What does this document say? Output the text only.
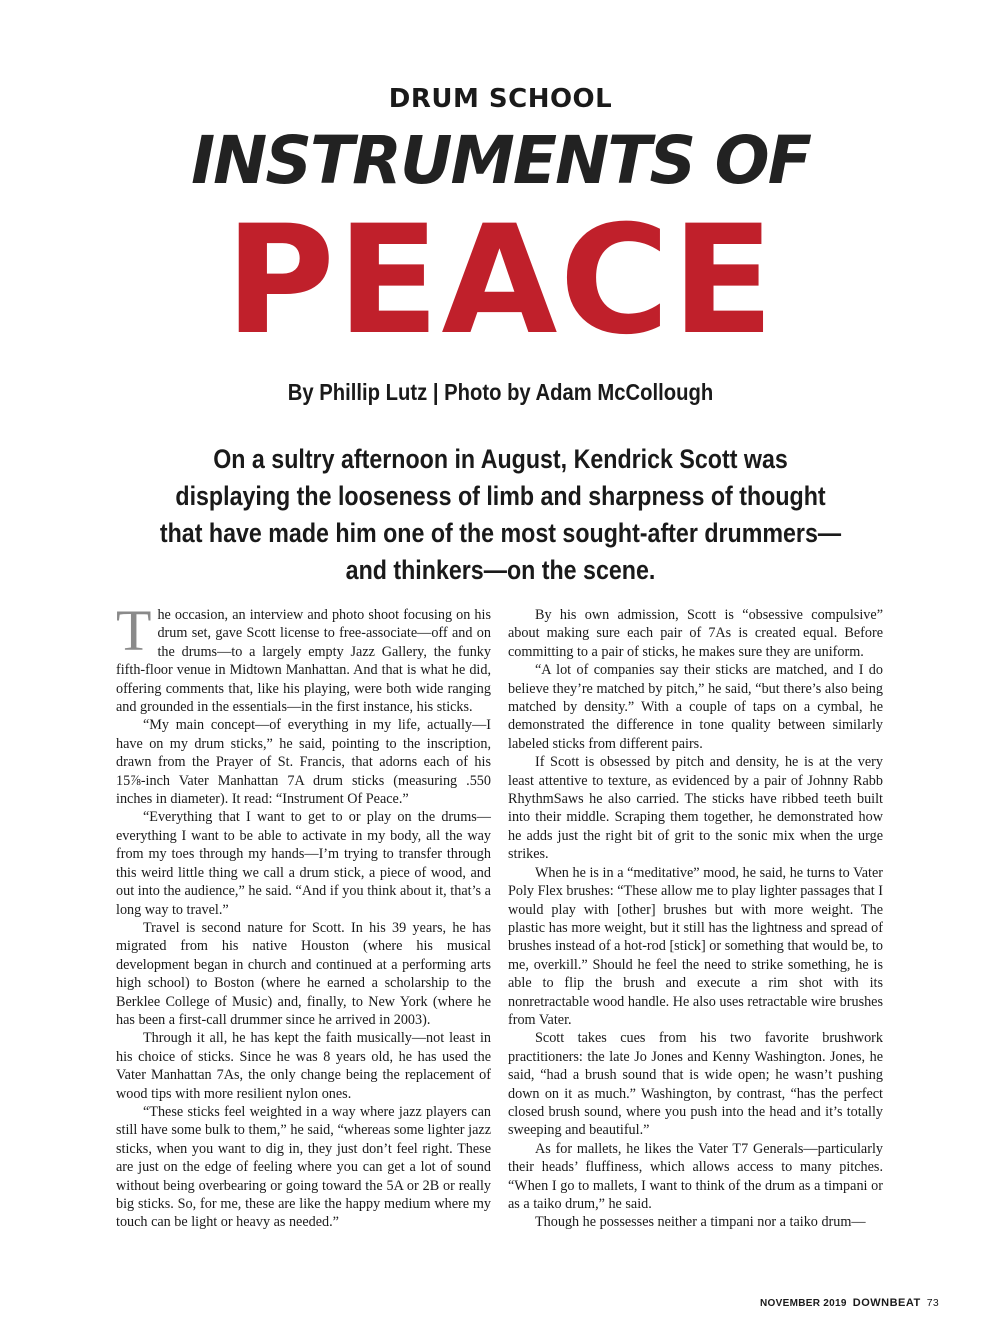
DRUM SCHOOL
INSTRUMENTS OF
PEACE
By Phillip Lutz | Photo by Adam McCollough
On a sultry afternoon in August, Kendrick Scott was displaying the looseness of limb and sharpness of thought that have made him one of the most sought-after drummers—and thinkers—on the scene.

The occasion, an interview and photo shoot focusing on his drum set, gave Scott license to free-associate—off and on the drums—to a largely empty Jazz Gallery, the funky fifth-floor venue in Midtown Manhattan. And that is what he did, offering comments that, like his playing, were both wide ranging and grounded in the essentials—in the first instance, his sticks.

“My main concept—of everything in my life, actually—I have on my drum sticks,” he said, pointing to the inscription, drawn from the Prayer of St. Francis, that adorns each of his 15⅞-inch Vater Manhattan 7A drum sticks (measuring .550 inches in diameter). It read: “Instrument Of Peace.”

“Everything that I want to get to or play on the drums—everything I want to be able to activate in my body, all the way from my toes through my hands—I’m trying to transfer through this weird little thing we call a drum stick, a piece of wood, and out into the audience,” he said. “And if you think about it, that’s a long way to travel.”

Travel is second nature for Scott. In his 39 years, he has migrated from his native Houston (where his musical development began in church and continued at a performing arts high school) to Boston (where he earned a scholarship to the Berklee College of Music) and, finally, to New York (where he has been a first-call drummer since he arrived in 2003).

Through it all, he has kept the faith musically—not least in his choice of sticks. Since he was 8 years old, he has used the Vater Manhattan 7As, the only change being the replacement of wood tips with more resilient nylon ones.

“These sticks feel weighted in a way where jazz players can still have some bulk to them,” he said, “whereas some lighter jazz sticks, when you want to dig in, they just don’t feel right. These are just on the edge of feeling where you can get a lot of sound without being overbearing or going toward the 5A or 2B or really big sticks. So, for me, these are like the happy medium where my touch can be light or heavy as needed.”

By his own admission, Scott is “obsessive compulsive” about making sure each pair of 7As is created equal. Before committing to a pair of sticks, he makes sure they are uniform.

“A lot of companies say their sticks are matched, and I do believe they’re matched by pitch,” he said, “but there’s also being matched by density.” With a couple of taps on a cymbal, he demonstrated the difference in tone quality between similarly labeled sticks from different pairs.

If Scott is obsessed by pitch and density, he is at the very least attentive to texture, as evidenced by a pair of Johnny Rabb RhythmSaws he also carried. The sticks have ribbed teeth built into their middle. Scraping them together, he demonstrated how he adds just the right bit of grit to the sonic mix when the urge strikes.

When he is in a “meditative” mood, he said, he turns to Vater Poly Flex brushes: “These allow me to play lighter passages that I would play with [other] brushes but with more weight. The plastic has more weight, but it still has the lightness and spread of brushes instead of a hot-rod [stick] or something that would be, to me, overkill.” Should he feel the need to strike something, he is able to flip the brush and execute a rim shot with its nonretractable wood handle. He also uses retractable wire brushes from Vater.

Scott takes cues from his two favorite brushwork practitioners: the late Jo Jones and Kenny Washington. Jones, he said, “had a brush sound that is wide open; he wasn’t pushing down on it as much.” Washington, by contrast, “has the perfect closed brush sound, where you push into the head and it’s totally sweeping and beautiful.”

As for mallets, he likes the Vater T7 Generals—particularly their heads’ fluffiness, which allows access to many pitches. “When I go to mallets, I want to think of the drum as a timpani or as a taiko drum,” he said.

Though he possesses neither a timpani nor a taiko drum—

NOVEMBER 2019 DOWNBEAT 73
